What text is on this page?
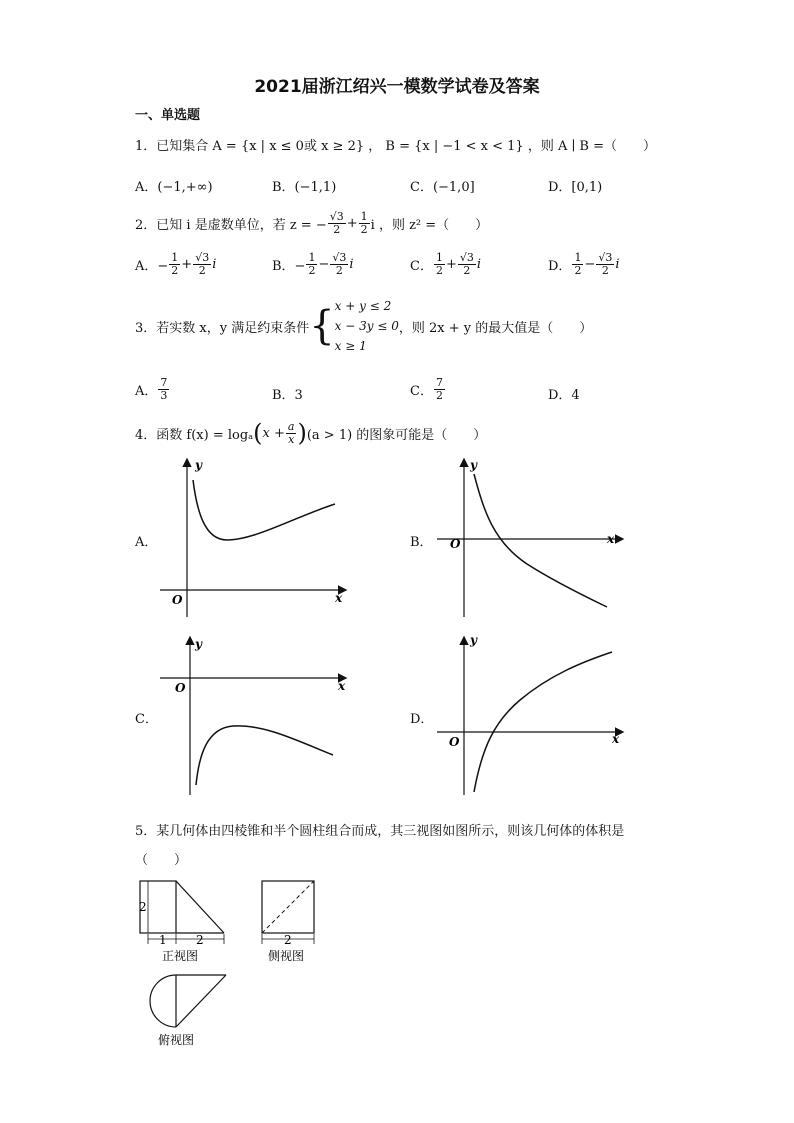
2021届浙江绍兴一模数学试卷及答案
一、单选题
1．已知集合 A = {x | x ≤ 0或 x ≥ 2} ， B = {x | −1 < x < 1} ，则 A ∣ B =（　　）
A．(−1,+∞)	B．(−1,1)	C．(−1,0]	D．[0,1)
2．已知 i 是虚数单位，若 z = − $\frac{√3}{2} + \frac{1}{2}$ i ，则 z² =（　　）
A．− $\frac{1}{2} + \frac{√3}{2}$ i	B．− $\frac{1}{2} - \frac{√3}{2}$ i	C． $\frac{1}{2} + \frac{√3}{2}$ i	D． $\frac{1}{2} - \frac{√3}{2}$ i
3．若实数 x，y 满足约束条件 { x + y ≤ 2
x − 3y ≤ 0
x ≥ 1
，则 2x + y 的最大值是（　　）
A． $\frac{7}{3}$	B．3	C． $\frac{7}{2}$	D．4
4．函数 f(x) = logₐ ( $x + \frac{a}{x}$ ) (a > 1) 的图象可能是（　　）
A．	B．
C．	D．
y
x
O
y
x
O
y
x
O
y
x
O
5．某几何体由四棱锥和半个圆柱组合而成，其三视图如图所示，则该几何体的体积是
（　　）
2
1 2
正视图
2
侧视图
俯视图
